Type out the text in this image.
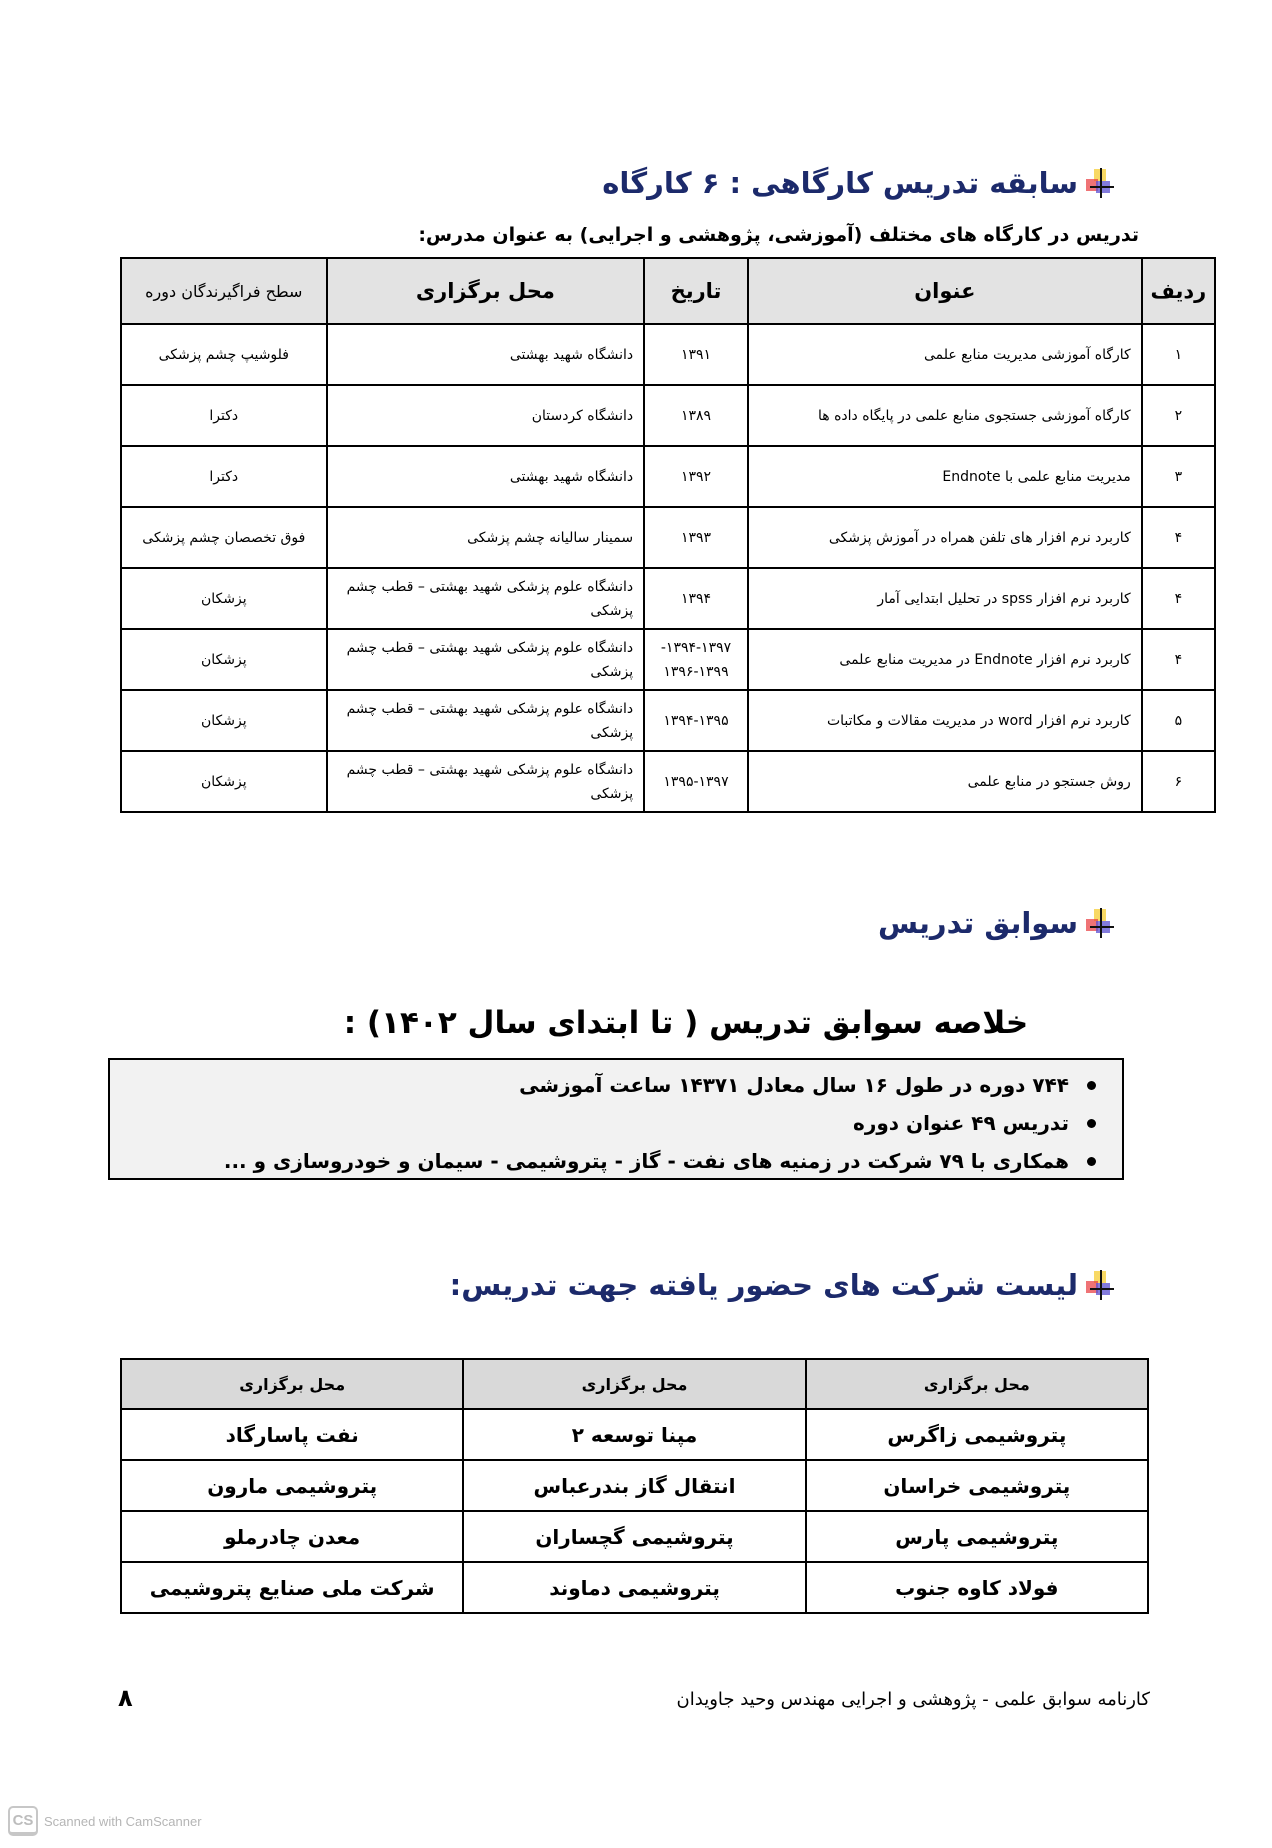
سابقه تدریس کارگاهی : ۶ کارگاه
تدریس در کارگاه های مختلف (آموزشی، پژوهشی و اجرایی) به عنوان مدرس:
ردیف	عنوان	تاریخ	محل برگزاری	سطح فراگیرندگان دوره
۱	کارگاه آموزشی مدیریت منابع علمی	۱۳۹۱	دانشگاه شهید بهشتی	فلوشیپ چشم پزشکی
۲	کارگاه آموزشی جستجوی منابع علمی در پایگاه داده ها	۱۳۸۹	دانشگاه کردستان	دکترا
۳	مدیریت منابع علمی با Endnote	۱۳۹۲	دانشگاه شهید بهشتی	دکترا
۴	کاربرد نرم افزار های تلفن همراه در آموزش پزشکی	۱۳۹۳	سمینار سالیانه چشم پزشکی	فوق تخصصان چشم پزشکی
۴	کاربرد نرم افزار spss در تحلیل ابتدایی آمار	۱۳۹۴	دانشگاه علوم پزشکی شهید بهشتی – قطب چشم پزشکی	پزشکان
۴	کاربرد نرم افزار Endnote در مدیریت منابع علمی	۱۳۹۴-۱۳۹۷- ۱۳۹۶-۱۳۹۹	دانشگاه علوم پزشکی شهید بهشتی – قطب چشم پزشکی	پزشکان
۵	کاربرد نرم افزار word در مدیریت مقالات و مکاتبات	۱۳۹۴-۱۳۹۵	دانشگاه علوم پزشکی شهید بهشتی – قطب چشم پزشکی	پزشکان
۶	روش جستجو در منابع علمی	۱۳۹۵-۱۳۹۷	دانشگاه علوم پزشکی شهید بهشتی – قطب چشم پزشکی	پزشکان
سوابق تدریس
خلاصه سوابق تدریس ( تا ابتدای سال ۱۴۰۲) :
۷۴۴ دوره در طول ۱۶ سال معادل ۱۴۳۷۱ ساعت آموزشی
تدریس ۴۹ عنوان دوره
همکاری با ۷۹ شرکت در زمنیه های نفت - گاز - پتروشیمی - سیمان و خودروسازی و ...
لیست شرکت های حضور یافته جهت تدریس:
محل برگزاری	محل برگزاری	محل برگزاری
پتروشیمی زاگرس	مپنا توسعه ۲	نفت پاسارگاد
پتروشیمی خراسان	انتقال گاز بندرعباس	پتروشیمی مارون
پتروشیمی پارس	پتروشیمی گچساران	معدن چادرملو
فولاد کاوه جنوب	پتروشیمی دماوند	شرکت ملی صنایع پتروشیمی
کارنامه سوابق علمی - پژوهشی و اجرایی مهندس وحید جاویدان
۸
CS Scanned with CamScanner
